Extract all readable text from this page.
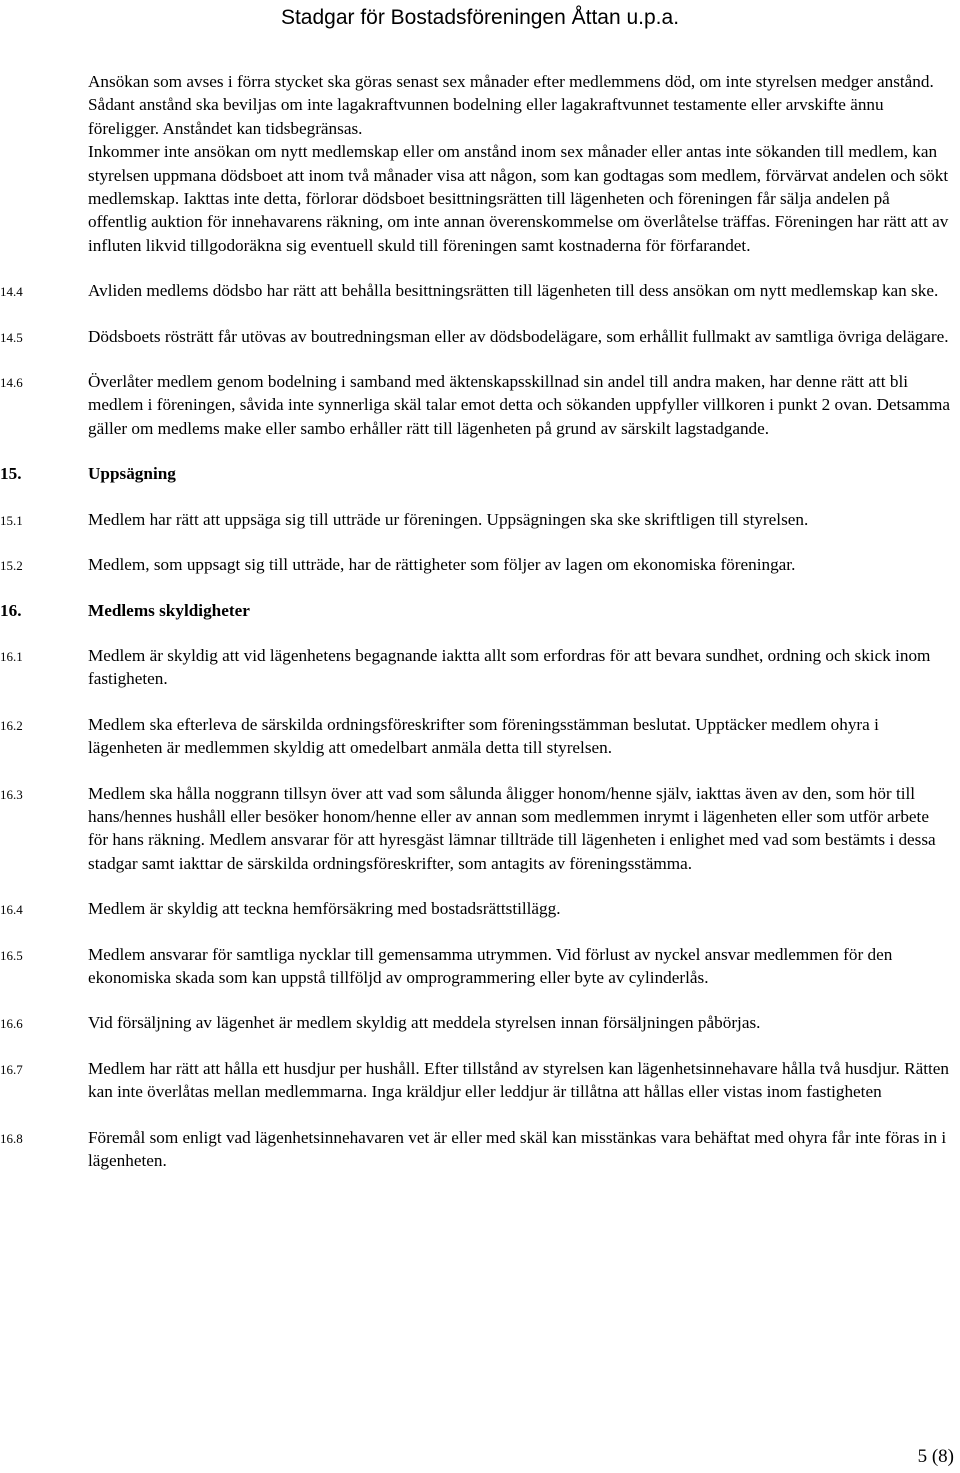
Stadgar för Bostadsföreningen Åttan u.p.a.
Ansökan som avses i förra stycket ska göras senast sex månader efter medlemmens död, om inte styrelsen medger anstånd. Sådant anstånd ska beviljas om inte lagakraftvunnen bodelning eller lagakraftvunnet testamente eller arvskifte ännu föreligger. Anståndet kan tidsbegränsas.
Inkommer inte ansökan om nytt medlemskap eller om anstånd inom sex månader eller antas inte sökanden till medlem, kan styrelsen uppmana dödsboet att inom två månader visa att någon, som kan godtagas som medlem, förvärvat andelen och sökt medlemskap. Iakttas inte detta, förlorar dödsboet besittningsrätten till lägenheten och föreningen får sälja andelen på offentlig auktion för innehavarens räkning, om inte annan överenskommelse om överlåtelse träffas. Föreningen har rätt att av influten likvid tillgodoräkna sig eventuell skuld till föreningen samt kostnaderna för förfarandet.
14.4	Avliden medlems dödsbo har rätt att behålla besittningsrätten till lägenheten till dess ansökan om nytt medlemskap kan ske.
14.5	Dödsboets rösträtt får utövas av boutredningsman eller av dödsbodelägare, som erhållit fullmakt av samtliga övriga delägare.
14.6	Överlåter medlem genom bodelning i samband med äktenskapsskillnad sin andel till andra maken, har denne rätt att bli medlem i föreningen, såvida inte synnerliga skäl talar emot detta och sökanden uppfyller villkoren i punkt 2 ovan. Detsamma gäller om medlems make eller sambo erhåller rätt till lägenheten på grund av särskilt lagstadgande.
15.	Uppsägning
15.1	Medlem har rätt att uppsäga sig till utträde ur föreningen. Uppsägningen ska ske skriftligen till styrelsen.
15.2	Medlem, som uppsagt sig till utträde, har de rättigheter som följer av lagen om ekonomiska föreningar.
16.	Medlems skyldigheter
16.1	Medlem är skyldig att vid lägenhetens begagnande iaktta allt som erfordras för att bevara sundhet, ordning och skick inom fastigheten.
16.2	Medlem ska efterleva de särskilda ordningsföreskrifter som föreningsstämman beslutat. Upptäcker medlem ohyra i lägenheten är medlemmen skyldig att omedelbart anmäla detta till styrelsen.
16.3	Medlem ska hålla noggrann tillsyn över att vad som sålunda åligger honom/henne själv, iakttas även av den, som hör till hans/hennes hushåll eller besöker honom/henne eller av annan som medlemmen inrymt i lägenheten eller som utför arbete för hans räkning. Medlem ansvarar för att hyresgäst lämnar tillträde till lägenheten i enlighet med vad som bestämts i dessa stadgar samt iakttar de särskilda ordningsföreskrifter, som antagits av föreningsstämma.
16.4	Medlem är skyldig att teckna hemförsäkring med bostadsrättstillägg.
16.5	Medlem ansvarar för samtliga nycklar till gemensamma utrymmen. Vid förlust av nyckel ansvar medlemmen för den ekonomiska skada som kan uppstå tillföljd av omprogrammering eller byte av cylinderlås.
16.6	Vid försäljning av lägenhet är medlem skyldig att meddela styrelsen innan försäljningen påbörjas.
16.7	Medlem har rätt att hålla ett husdjur per hushåll. Efter tillstånd av styrelsen kan lägenhetsinnehavare hålla två husdjur. Rätten kan inte överlåtas mellan medlemmarna. Inga kräldjur eller leddjur är tillåtna att hållas eller vistas inom fastigheten
16.8	Föremål som enligt vad lägenhetsinnehavaren vet är eller med skäl kan misstänkas vara behäftat med ohyra får inte föras in i lägenheten.
5 (8)
